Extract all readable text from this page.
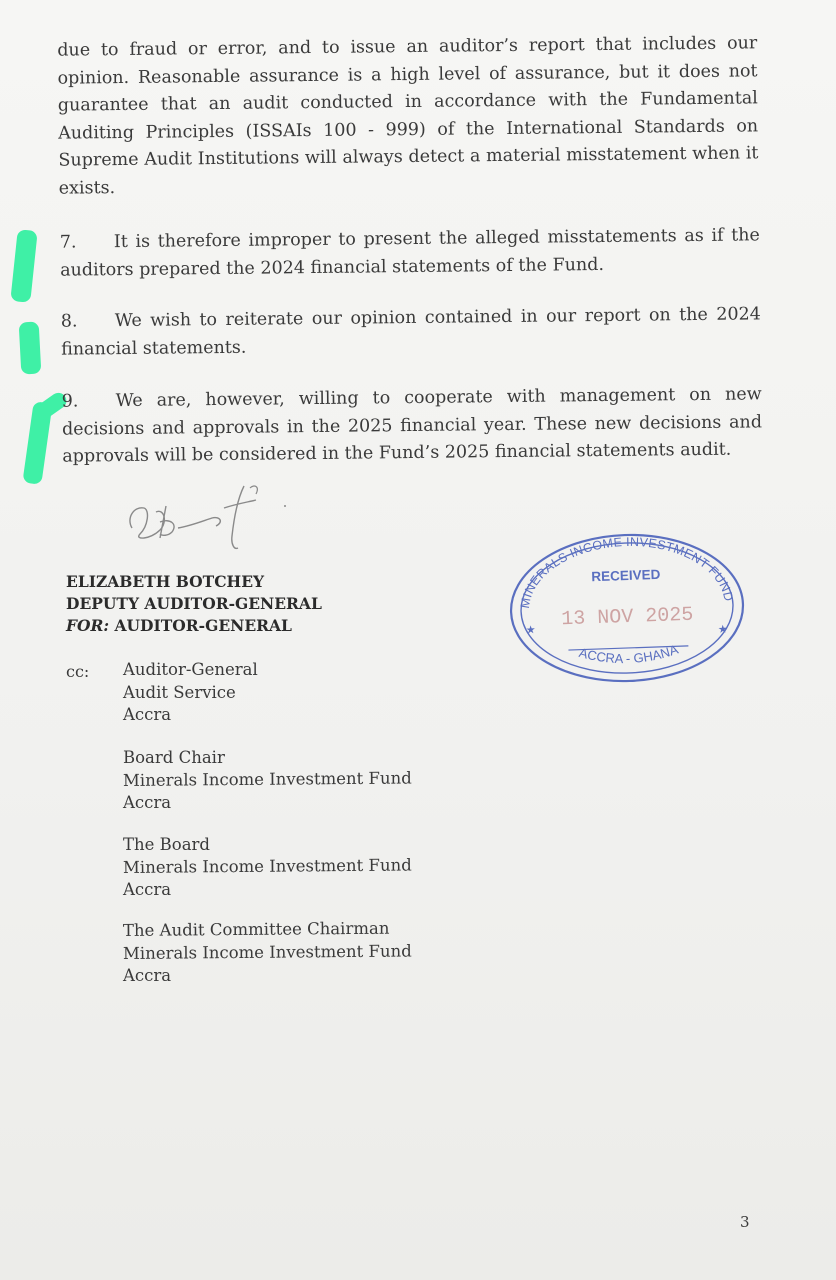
due to fraud or error, and to issue an auditor’s report that includes our opinion. Reasonable assurance is a high level of assurance, but it does not guarantee that an audit conducted in accordance with the Fundamental Auditing Principles (ISSAIs 100 - 999) of the International Standards on Supreme Audit Institutions will always detect a material misstatement when it exists.

7. It is therefore improper to present the alleged misstatements as if the auditors prepared the 2024 financial statements of the Fund.

8. We wish to reiterate our opinion contained in our report on the 2024 financial statements.

9. We are, however, willing to cooperate with management on new decisions and approvals in the 2025 financial year. These new decisions and approvals will be considered in the Fund’s 2025 financial statements audit.

ELIZABETH BOTCHEY
DEPUTY AUDITOR-GENERAL
FOR: AUDITOR-GENERAL
MINERALS INCOME INVESTMENT FUND
RECEIVED
13 NOV 2025
★	★
ACCRA - GHANA
cc: Auditor-General
Audit Service
Accra
Board Chair
Minerals Income Investment Fund
Accra
The Board
Minerals Income Investment Fund
Accra
The Audit Committee Chairman
Minerals Income Investment Fund
Accra
3
